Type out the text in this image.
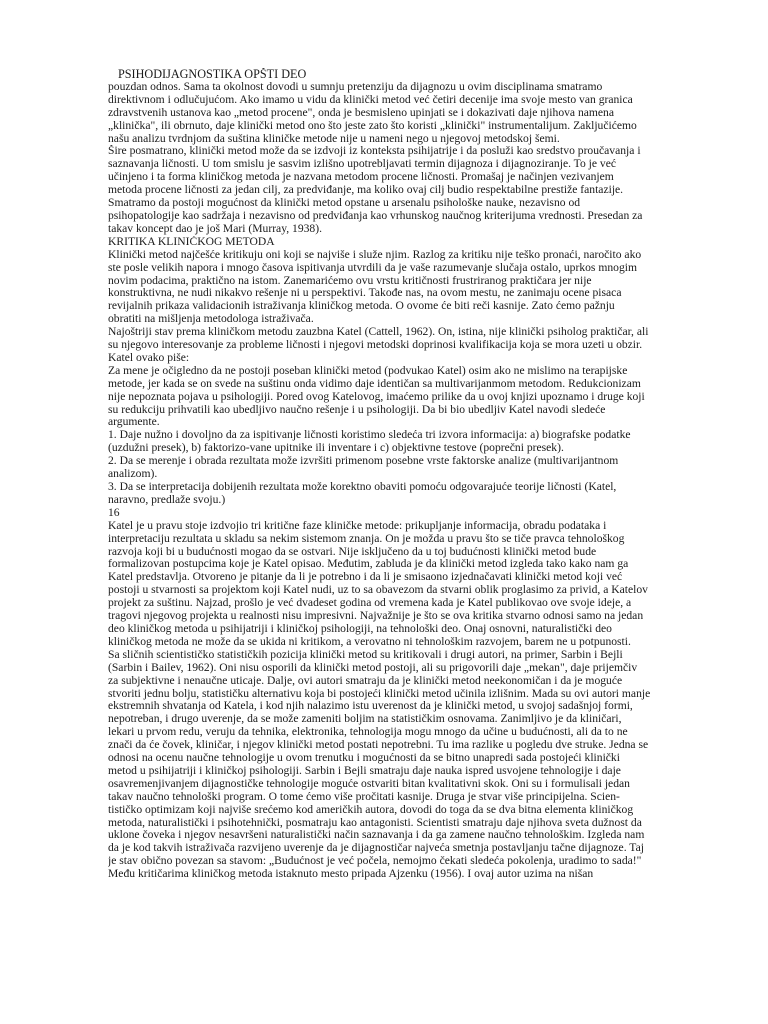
PSIHODIJAGNOSTIKA OPŠTI DEO
pouzdan odnos. Sama ta okolnost dovodi u sumnju pretenziju da dijagnozu u ovim disciplinama smatramo
direktivnom i odlučujućom. Ako imamo u vidu da klinički metod već četiri decenije ima svoje mesto van granica
zdravstvenih ustanova kao „metod procene", onda je besmisleno upinjati se i dokazivati daje njihova namena
„klinička", ili obrnuto, daje klinički metod ono što jeste zato što koristi „klinički" instrumentalijum. Zaključićemo
našu analizu tvrdnjom da suština kliničke metode nije u nameni nego u njegovoj metodskoj šemi.
Šire posmatrano, klinički metod može da se izdvoji iz konteksta psihijatrije i da posluži kao sredstvo proučavanja i
saznavanja ličnosti. U tom smislu je sasvim izlišno upotrebljavati termin dijagnoza i dijagnoziranje. To je već
učinjeno i ta forma kliničkog metoda je nazvana metodom procene ličnosti. Promašaj je načinjen vezivanjem
metoda procene ličnosti za jedan cilj, za predviđanje, ma koliko ovaj cilj budio respektabilne prestiže fantazije.
Smatramo da postoji mogućnost da klinički metod opstane u arsenalu psihološke nauke, nezavisno od
psihopatologije kao sadržaja i nezavisno od predviđanja kao vrhunskog naučnog kriterijuma vrednosti. Presedan za
takav koncept dao je još Mari (Murray, 1938).
KRITIKA KLINIČKOG METODA
Klinički metod najčešće kritikuju oni koji se najviše i služe njim. Razlog za kritiku nije teško pronaći, naročito ako
ste posle velikih napora i mnogo časova ispitivanja utvrdili da je vaše razumevanje slučaja ostalo, uprkos mnogim
novim podacima, praktično na istom. Zanemarićemo ovu vrstu kritičnosti frustriranog praktičara jer nije
konstruktivna, ne nudi nikakvo rešenje ni u perspektivi. Takođe nas, na ovom mestu, ne zanimaju ocene pisaca
revijalnih prikaza validacionih istraživanja kliničkog metoda. O ovome će biti reči kasnije. Zato ćemo pažnju
obratiti na mišljenja metodologa istraživača.
Najoštriji stav prema kliničkom metodu zauzbna Katel (Cattell, 1962). On, istina, nije klinički psiholog praktičar, ali
su njegovo interesovanje za probleme ličnosti i njegovi metodski doprinosi kvalifikacija koja se mora uzeti u obzir.
Katel ovako piše:
Za mene je očigledno da ne postoji poseban klinički metod (podvukao Katel) osim ako ne mislimo na terapijske
metode, jer kada se on svede na suštinu onda vidimo daje identičan sa multivarijanmom metodom. Redukcionizam
nije nepoznata pojava u psihologiji. Pored ovog Katelovog, imaćemo prilike da u ovoj knjizi upoznamo i druge koji
su redukciju prihvatili kao ubedljivo naučno rešenje i u psihologiji. Da bi bio ubedljiv Katel navodi sledeće
argumente.
1. Daje nužno i dovoljno da za ispitivanje ličnosti koristimo sledeća tri izvora informacija: a) biografske podatke
(uzdužni presek), b) faktorizo-vane upitnike ili inventare i c) objektivne testove (poprečni presek).
2. Da se merenje i obrada rezultata može izvršiti primenom posebne vrste faktorske analize (multivarijantnom
analizom).
3. Da se interpretacija dobijenih rezultata može korektno obaviti pomoću odgovarajuće teorije ličnosti (Katel,
naravno, predlaže svoju.)
16
Katel je u pravu stoje izdvojio tri kritične faze kliničke metode: prikupljanje informacija, obradu podataka i
interpretaciju rezultata u skladu sa nekim sistemom znanja. On je možda u pravu što se tiče pravca tehnološkog
razvoja koji bi u budućnosti mogao da se ostvari. Nije isključeno da u toj budućnosti klinički metod bude
formalizovan postupcima koje je Katel opisao. Međutim, zabluda je da klinički metod izgleda tako kako nam ga
Katel predstavlja. Otvoreno je pitanje da li je potrebno i da li je smisaono izjednačavati klinički metod koji već
postoji u stvarnosti sa projektom koji Katel nudi, uz to sa obavezom da stvarni oblik proglasimo za privid, a Katelov
projekt za suštinu. Najzad, prošlo je već dvadeset godina od vremena kada je Katel publikovao ove svoje ideje, a
tragovi njegovog projekta u realnosti nisu impresivni. Najvažnije je što se ova kritika stvarno odnosi samo na jedan
deo kliničkog metoda u psihijatriji i kliničkoj psihologiji, na tehnološki deo. Onaj osnovni, naturalistički deo
kliničkog metoda ne može da se ukida ni kritikom, a verovatno ni tehnološkim razvojem, barem ne u potpunosti.
Sa sličnih scientističko statističkih pozicija klinički metod su kritikovali i drugi autori, na primer, Sarbin i Bejli
(Sarbin i Bailev, 1962). Oni nisu osporili da klinički metod postoji, ali su prigovorili daje „mekan", daje prijemčiv
za subjektivne i nenaučne uticaje. Dalje, ovi autori smatraju da je klinički metod neekonomičan i da je moguće
stvoriti jednu bolju, statističku alternativu koja bi postojeći klinički metod učinila izlišnim. Mada su ovi autori manje
ekstremnih shvatanja od Katela, i kod njih nalazimo istu uverenost da je klinički metod, u svojoj sadašnjoj formi,
nepotreban, i drugo uverenje, da se može zameniti boljim na statističkim osnovama. Zanimljivo je da kliničari,
lekari u prvom redu, veruju da tehnika, elektronika, tehnologija mogu mnogo da učine u budućnosti, ali da to ne
znači da će čovek, kliničar, i njegov klinički metod postati nepotrebni. Tu ima razlike u pogledu dve struke. Jedna se
odnosi na ocenu naučne tehnologije u ovom trenutku i mogućnosti da se bitno unapredi sada postojeći klinički
metod u psihijatriji i kliničkoj psihologiji. Sarbin i Bejli smatraju daje nauka ispred usvojene tehnologije i daje
osavremenjivanjem dijagnostičke tehnologije moguće ostvariti bitan kvalitativni skok. Oni su i formulisali jedan
takav naučno tehnološki program. O tome ćemo više pročitati kasnije. Druga je stvar više principijelna. Scien-
tističko optimizam koji najviše srećemo kod američkih autora, dovodi do toga da se dva bitna elementa kliničkog
metoda, naturalistički i psihotehnički, posmatraju kao antagonisti. Scientisti smatraju daje njihova sveta dužnost da
uklone čoveka i njegov nesavršeni naturalistički način saznavanja i da ga zamene naučno tehnološkim. Izgleda nam
da je kod takvih istraživača razvijeno uverenje da je dijagnostičar najveća smetnja postavljanju tačne dijagnoze. Taj
je stav obično povezan sa stavom: „Budućnost je već počela, nemojmo čekati sledeća pokolenja, uradimo to sada!"
Među kritičarima kliničkog metoda istaknuto mesto pripada Ajzenku (1956). I ovaj autor uzima na nišan
